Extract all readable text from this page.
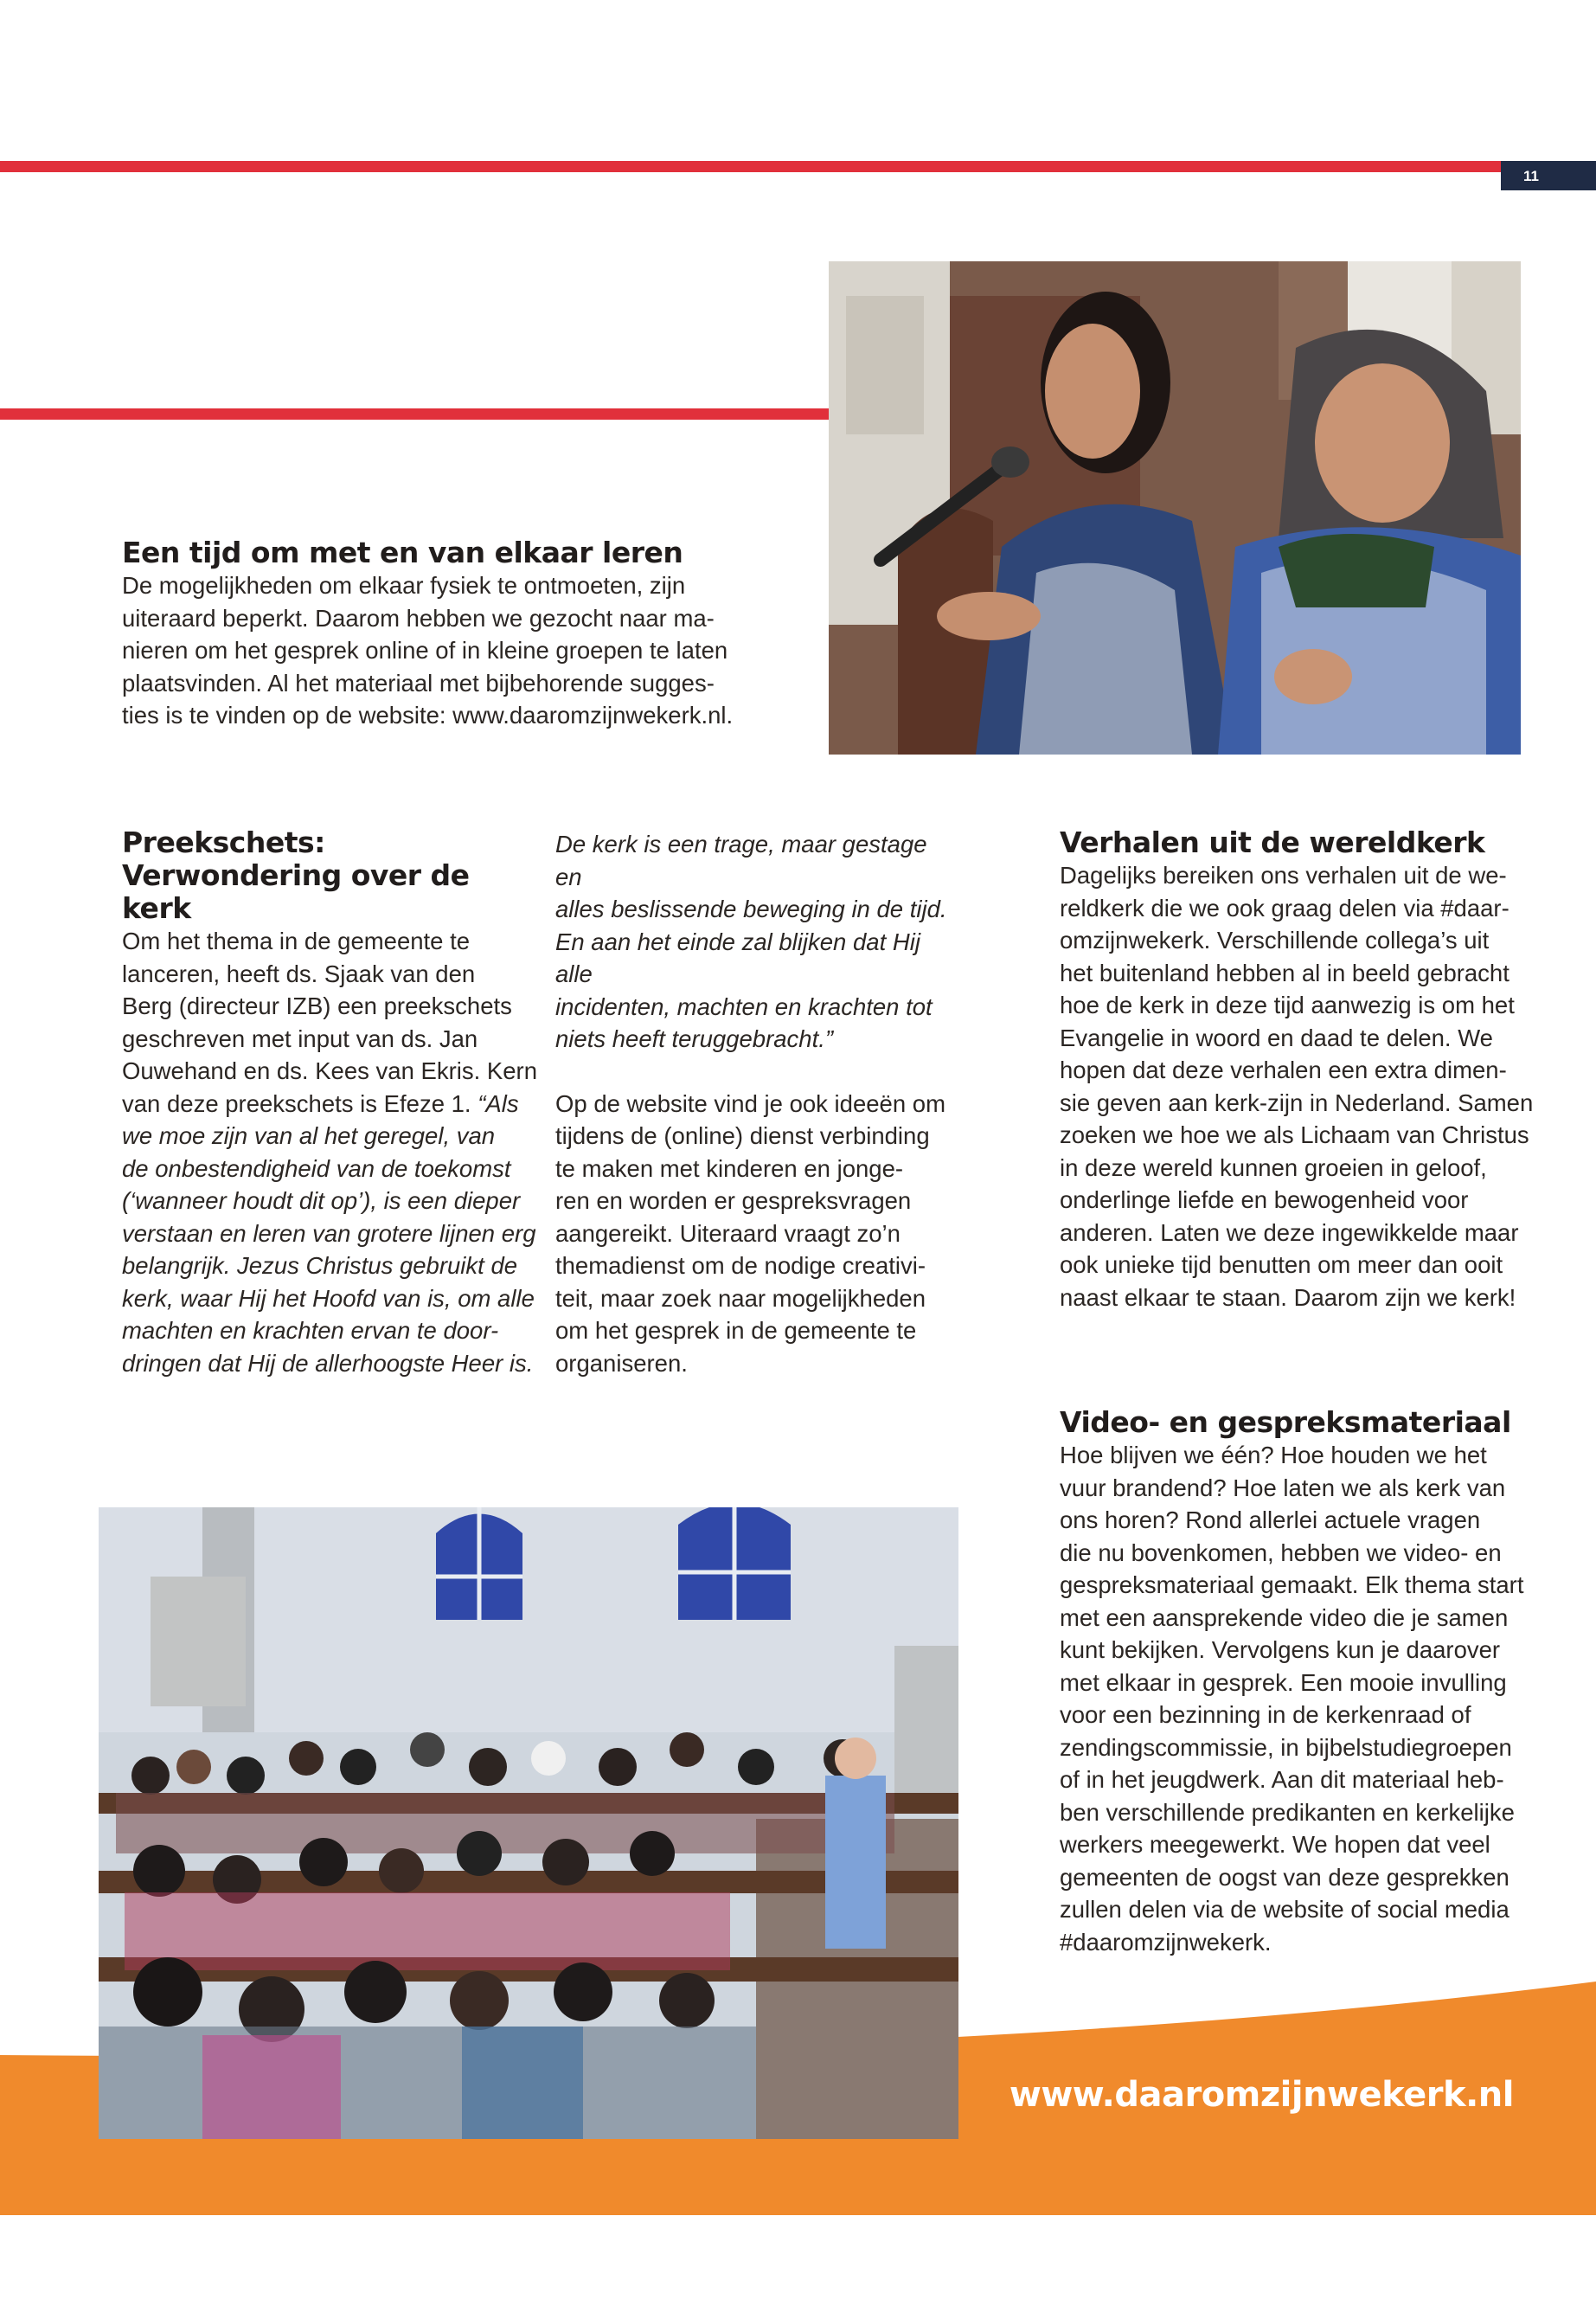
11
Een tijd om met en van elkaar leren

De mogelijkheden om elkaar fysiek te ontmoeten, zijn
uiteraard beperkt. Daarom hebben we gezocht naar ma-
nieren om het gesprek online of in kleine groepen te laten
plaatsvinden. Al het materiaal met bijbehorende sugges-
ties is te vinden op de website: www.daaromzijnwekerk.nl.

Preekschets:
Verwondering over de kerk

Om het thema in de gemeente te
lanceren, heeft ds. Sjaak van den
Berg (directeur IZB) een preekschets
geschreven met input van ds. Jan
Ouwehand en ds. Kees van Ekris. Kern
van deze preekschets is Efeze 1. “Als
we moe zijn van al het geregel, van
de onbestendigheid van de toekomst
(‘wanneer houdt dit op’), is een dieper
verstaan en leren van grotere lijnen erg
belangrijk. Jezus Christus gebruikt de
kerk, waar Hij het Hoofd van is, om alle
machten en krachten ervan te door-
dringen dat Hij de allerhoogste Heer is.

De kerk is een trage, maar gestage en
alles beslissende beweging in de tijd.
En aan het einde zal blijken dat Hij alle
incidenten, machten en krachten tot
niets heeft teruggebracht.”

Op de website vind je ook ideeën om
tijdens de (online) dienst verbinding
te maken met kinderen en jonge-
ren en worden er gespreksvragen
aangereikt. Uiteraard vraagt zo’n
themadienst om de nodige creativi-
teit, maar zoek naar mogelijkheden
om het gesprek in de gemeente te
organiseren.

Verhalen uit de wereldkerk

Dagelijks bereiken ons verhalen uit de we-
reldkerk die we ook graag delen via #daar-
omzijnwekerk. Verschillende collega’s uit
het buitenland hebben al in beeld gebracht
hoe de kerk in deze tijd aanwezig is om het
Evangelie in woord en daad te delen. We
hopen dat deze verhalen een extra dimen-
sie geven aan kerk-zijn in Nederland. Samen
zoeken we hoe we als Lichaam van Christus
in deze wereld kunnen groeien in geloof,
onderlinge liefde en bewogenheid voor
anderen. Laten we deze ingewikkelde maar
ook unieke tijd benutten om meer dan ooit
naast elkaar te staan. Daarom zijn we kerk!

Video- en gespreksmateriaal

Hoe blijven we één? Hoe houden we het
vuur brandend? Hoe laten we als kerk van
ons horen? Rond allerlei actuele vragen
die nu bovenkomen, hebben we video- en
gespreksmateriaal gemaakt. Elk thema start
met een aansprekende video die je samen
kunt bekijken. Vervolgens kun je daarover
met elkaar in gesprek. Een mooie invulling
voor een bezinning in de kerkenraad of
zendingscommissie, in bijbelstudiegroepen
of in het jeugdwerk. Aan dit materiaal heb-
ben verschillende predikanten en kerkelijke
werkers meegewerkt. We hopen dat veel
gemeenten de oogst van deze gesprekken
zullen delen via de website of social media
#daaromzijnwekerk.

www.daaromzijnwekerk.nl
